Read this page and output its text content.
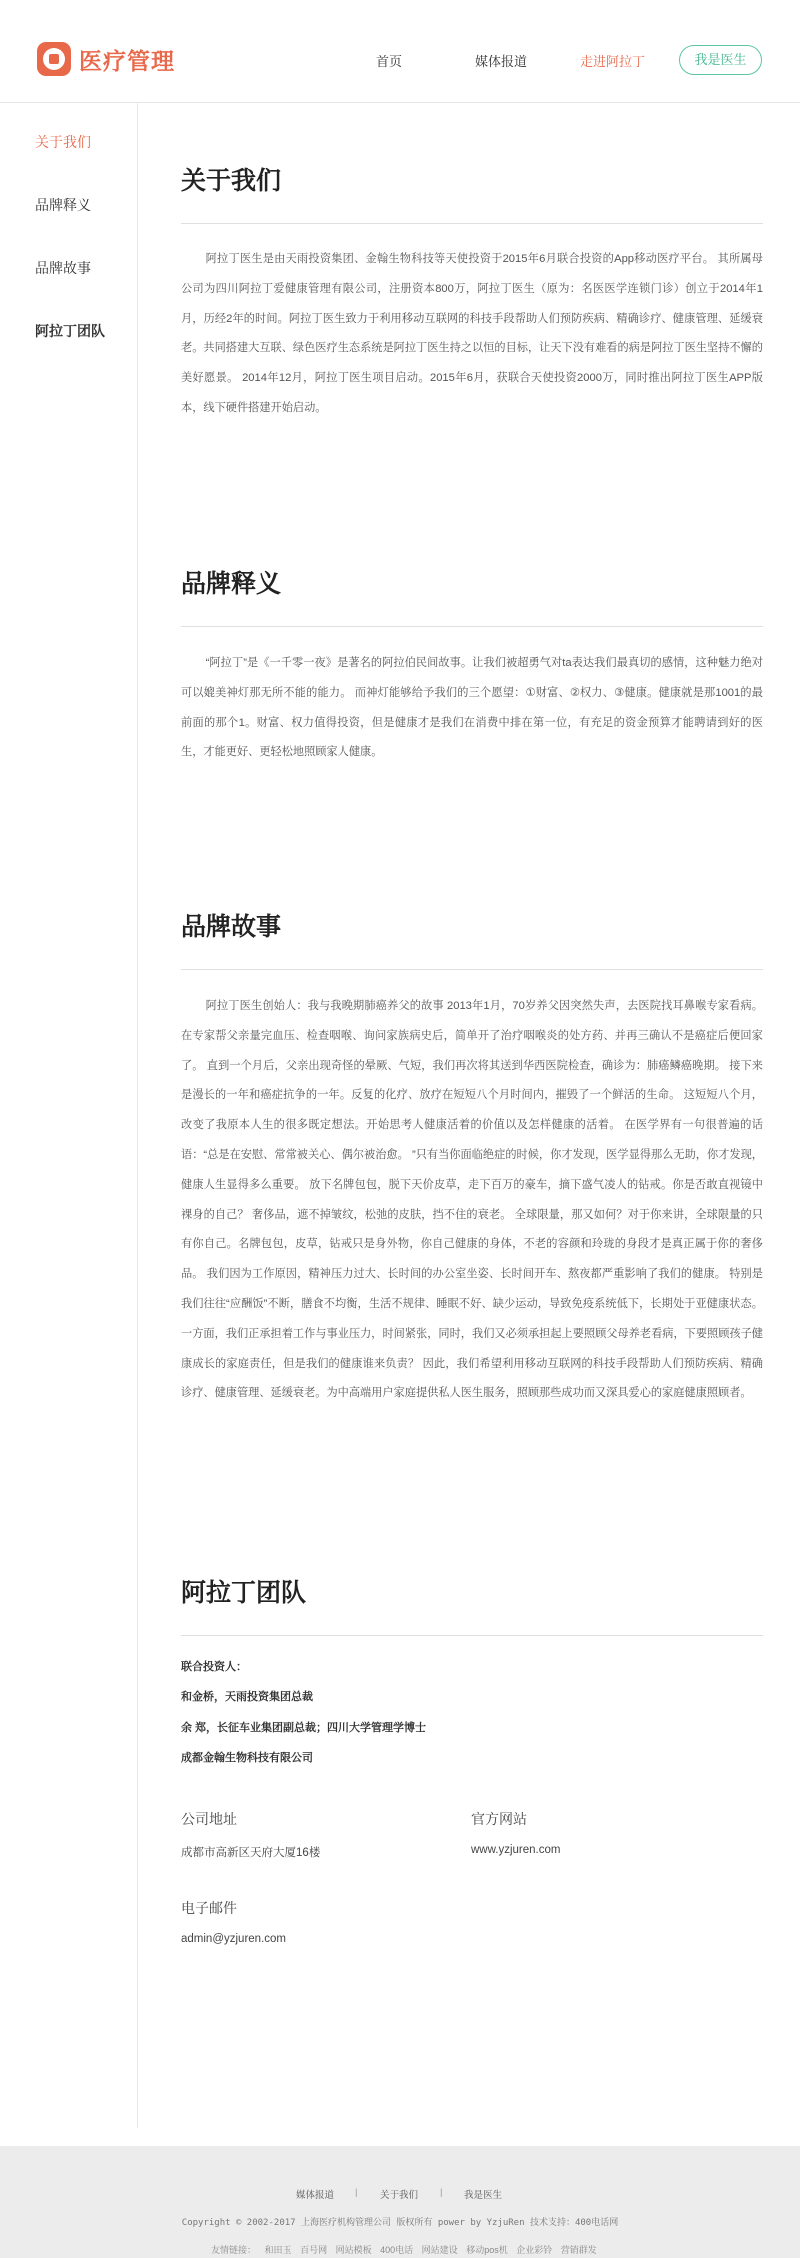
医疗管理	首页	媒体报道	走进阿拉丁	我是医生
关于我们
品牌释义
品牌故事
阿拉丁团队
关于我们

阿拉丁医生是由天雨投资集团、金翰生物科技等天使投资于2015年6月联合投资的App移动医疗平台。 其所属母公司为四川阿拉丁爱健康管理有限公司，注册资本800万，阿拉丁医生（原为：名医医学连锁门诊）创立于2014年1月，历经2年的时间。阿拉丁医生致力于利用移动互联网的科技手段帮助人们预防疾病、精确诊疗、健康管理、延缓衰老。共同搭建大互联、绿色医疗生态系统是阿拉丁医生持之以恒的目标，让天下没有难看的病是阿拉丁医生坚持不懈的美好愿景。 2014年12月，阿拉丁医生项目启动。2015年6月，获联合天使投资2000万，同时推出阿拉丁医生APP版本，线下硬件搭建开始启动。

品牌释义

“阿拉丁”是《一千零一夜》是著名的阿拉伯民间故事。让我们被超勇气对ta表达我们最真切的感情，这种魅力绝对可以媲美神灯那无所不能的能力。 而神灯能够给予我们的三个愿望：①财富、②权力、③健康。健康就是那1001的最前面的那个1。财富、权力值得投资，但是健康才是我们在消费中排在第一位，有充足的资金预算才能聘请到好的医生，才能更好、更轻松地照顾家人健康。

品牌故事

阿拉丁医生创始人：我与我晚期肺癌养父的故事 2013年1月，70岁养父因突然失声，去医院找耳鼻喉专家看病。在专家帮父亲量完血压、检查咽喉、询问家族病史后，简单开了治疗咽喉炎的处方药、并再三确认不是癌症后便回家了。 直到一个月后，父亲出现奇怪的晕厥、气短，我们再次将其送到华西医院检查，确诊为：肺癌鳞癌晚期。 接下来是漫长的一年和癌症抗争的一年。反复的化疗、放疗在短短八个月时间内，摧毁了一个鲜活的生命。 这短短八个月，改变了我原本人生的很多既定想法。开始思考人健康活着的价值以及怎样健康的活着。 在医学界有一句很普遍的话语：“总是在安慰、常常被关心、偶尔被治愈。 ”只有当你面临绝症的时候，你才发现，医学显得那么无助，你才发现，健康人生显得多么重要。 放下名牌包包，脱下天价皮草，走下百万的豪车，摘下盛气凌人的钻戒。你是否敢直视镜中裸身的自己？ 奢侈品，遮不掉皱纹，松弛的皮肤，挡不住的衰老。 全球限量，那又如何？对于你来讲，全球限量的只有你自己。名牌包包，皮草，钻戒只是身外物，你自己健康的身体，不老的容颜和玲珑的身段才是真正属于你的奢侈品。 我们因为工作原因，精神压力过大、长时间的办公室坐姿、长时间开车、熬夜都严重影响了我们的健康。 特别是我们往往“应酬饭”不断，膳食不均衡，生活不规律、睡眠不好、缺少运动，导致免疫系统低下，长期处于亚健康状态。 一方面，我们正承担着工作与事业压力，时间紧张，同时，我们又必须承担起上要照顾父母养老看病，下要照顾孩子健康成长的家庭责任，但是我们的健康谁来负责？ 因此，我们希望利用移动互联网的科技手段帮助人们预防疾病、精确诊疗、健康管理、延缓衰老。为中高端用户家庭提供私人医生服务，照顾那些成功而又深具爱心的家庭健康照顾者。

阿拉丁团队
联合投资人：
和金桥，天雨投资集团总裁
余 郑，长征车业集团副总裁；四川大学管理学博士
成都金翰生物科技有限公司
公司地址
成都市高新区天府大厦16楼
官方网站
www.yzjuren.com
电子邮件
admin@yzjuren.com
媒体报道 | 关于我们 | 我是医生
Copyright © 2002-2017 上海医疗机构管理公司 版权所有 power by YzjuRen 技术支持：400电话网
友情链接： 和田玉 百号网 网站模板 400电话 网站建设 移动pos机 企业彩铃 营销群发
